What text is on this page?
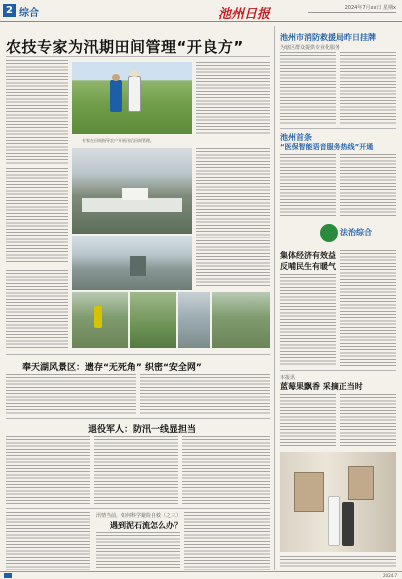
2 综合	池州日报	2024年7月xx日 星期x
农技专家为汛期田间管理“开良方”
专家在田间指导农户开展汛后田间管理。
奉天湖风景区：遗存“无死角” 织密“安全网”
退役军人：防汛一线显担当
汛情当前，如何科学避险自救（之三）
遇到泥石流怎么办？
池州市消防救援局昨日挂牌
为辖区群众提供专业化服务
池州首条
“医保智能语音服务热线”开通
法治综合
集体经济有效益
反哺民生有暖气
本报讯
蓝莓果飘香 采摘正当时
2024.7
